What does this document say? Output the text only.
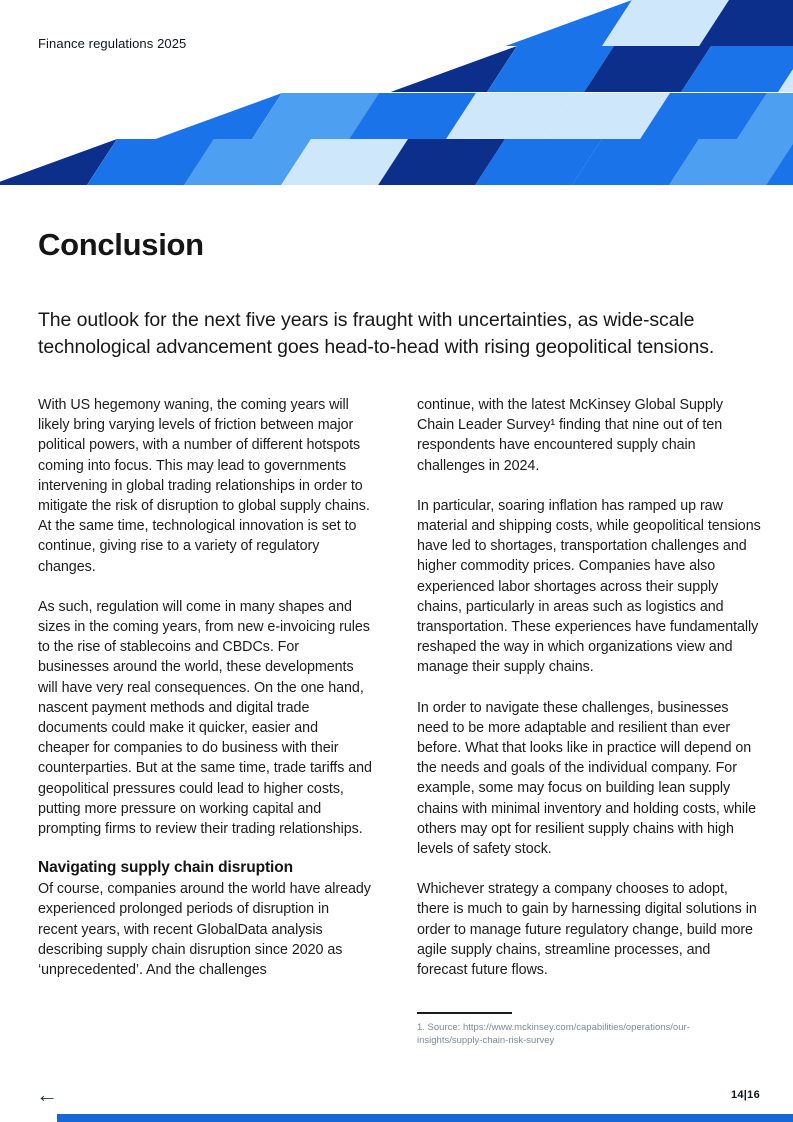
Finance regulations 2025
Conclusion
The outlook for the next five years is fraught with uncertainties, as wide-scale technological advancement goes head-to-head with rising geopolitical tensions.

With US hegemony waning, the coming years will likely bring varying levels of friction between major political powers, with a number of different hotspots coming into focus. This may lead to governments intervening in global trading relationships in order to mitigate the risk of disruption to global supply chains. At the same time, technological innovation is set to continue, giving rise to a variety of regulatory changes.

As such, regulation will come in many shapes and sizes in the coming years, from new e-invoicing rules to the rise of stablecoins and CBDCs. For businesses around the world, these developments will have very real consequences. On the one hand, nascent payment methods and digital trade documents could make it quicker, easier and cheaper for companies to do business with their counterparties. But at the same time, trade tariffs and geopolitical pressures could lead to higher costs, putting more pressure on working capital and prompting firms to review their trading relationships.

Navigating supply chain disruption

Of course, companies around the world have already experienced prolonged periods of disruption in recent years, with recent GlobalData analysis describing supply chain disruption since 2020 as ‘unprecedented’. And the challenges

continue, with the latest McKinsey Global Supply Chain Leader Survey¹ finding that nine out of ten respondents have encountered supply chain challenges in 2024.

In particular, soaring inflation has ramped up raw material and shipping costs, while geopolitical tensions have led to shortages, transportation challenges and higher commodity prices. Companies have also experienced labor shortages across their supply chains, particularly in areas such as logistics and transportation. These experiences have fundamentally reshaped the way in which organizations view and manage their supply chains.

In order to navigate these challenges, businesses need to be more adaptable and resilient than ever before. What that looks like in practice will depend on the needs and goals of the individual company. For example, some may focus on building lean supply chains with minimal inventory and holding costs, while others may opt for resilient supply chains with high levels of safety stock.

Whichever strategy a company chooses to adopt, there is much to gain by harnessing digital solutions in order to manage future regulatory change, build more agile supply chains, streamline processes, and forecast future flows.

1. Source: https://www.mckinsey.com/capabilities/operations/our-insights/supply-chain-risk-survey
←	14|16
